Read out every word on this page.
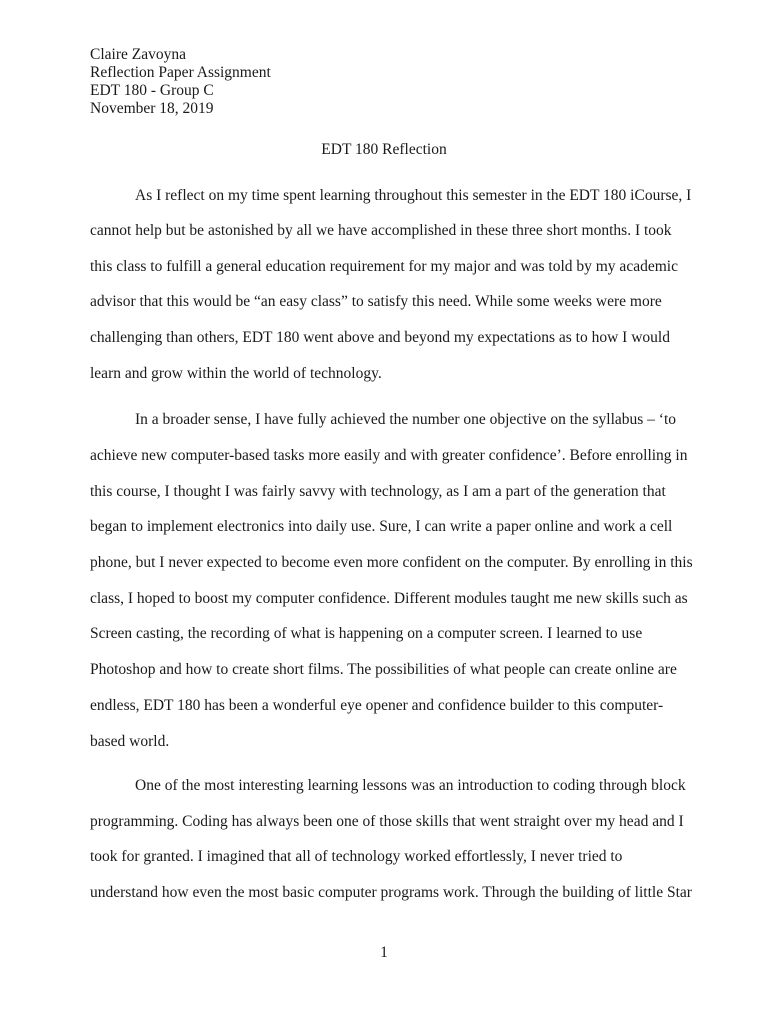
Claire Zavoyna
Reflection Paper Assignment
EDT 180 - Group C
November 18, 2019
EDT 180 Reflection
As I reflect on my time spent learning throughout this semester in the EDT 180 iCourse, I
cannot help but be astonished by all we have accomplished in these three short months. I took
this class to fulfill a general education requirement for my major and was told by my academic
advisor that this would be “an easy class” to satisfy this need. While some weeks were more
challenging than others, EDT 180 went above and beyond my expectations as to how I would
learn and grow within the world of technology.
In a broader sense, I have fully achieved the number one objective on the syllabus – ‘to
achieve new computer-based tasks more easily and with greater confidence’. Before enrolling in
this course, I thought I was fairly savvy with technology, as I am a part of the generation that
began to implement electronics into daily use. Sure, I can write a paper online and work a cell
phone, but I never expected to become even more confident on the computer. By enrolling in this
class, I hoped to boost my computer confidence. Different modules taught me new skills such as
Screen casting, the recording of what is happening on a computer screen. I learned to use
Photoshop and how to create short films. The possibilities of what people can create online are
endless, EDT 180 has been a wonderful eye opener and confidence builder to this computer-
based world.
One of the most interesting learning lessons was an introduction to coding through block
programming. Coding has always been one of those skills that went straight over my head and I
took for granted. I imagined that all of technology worked effortlessly, I never tried to
understand how even the most basic computer programs work. Through the building of little Star
1
